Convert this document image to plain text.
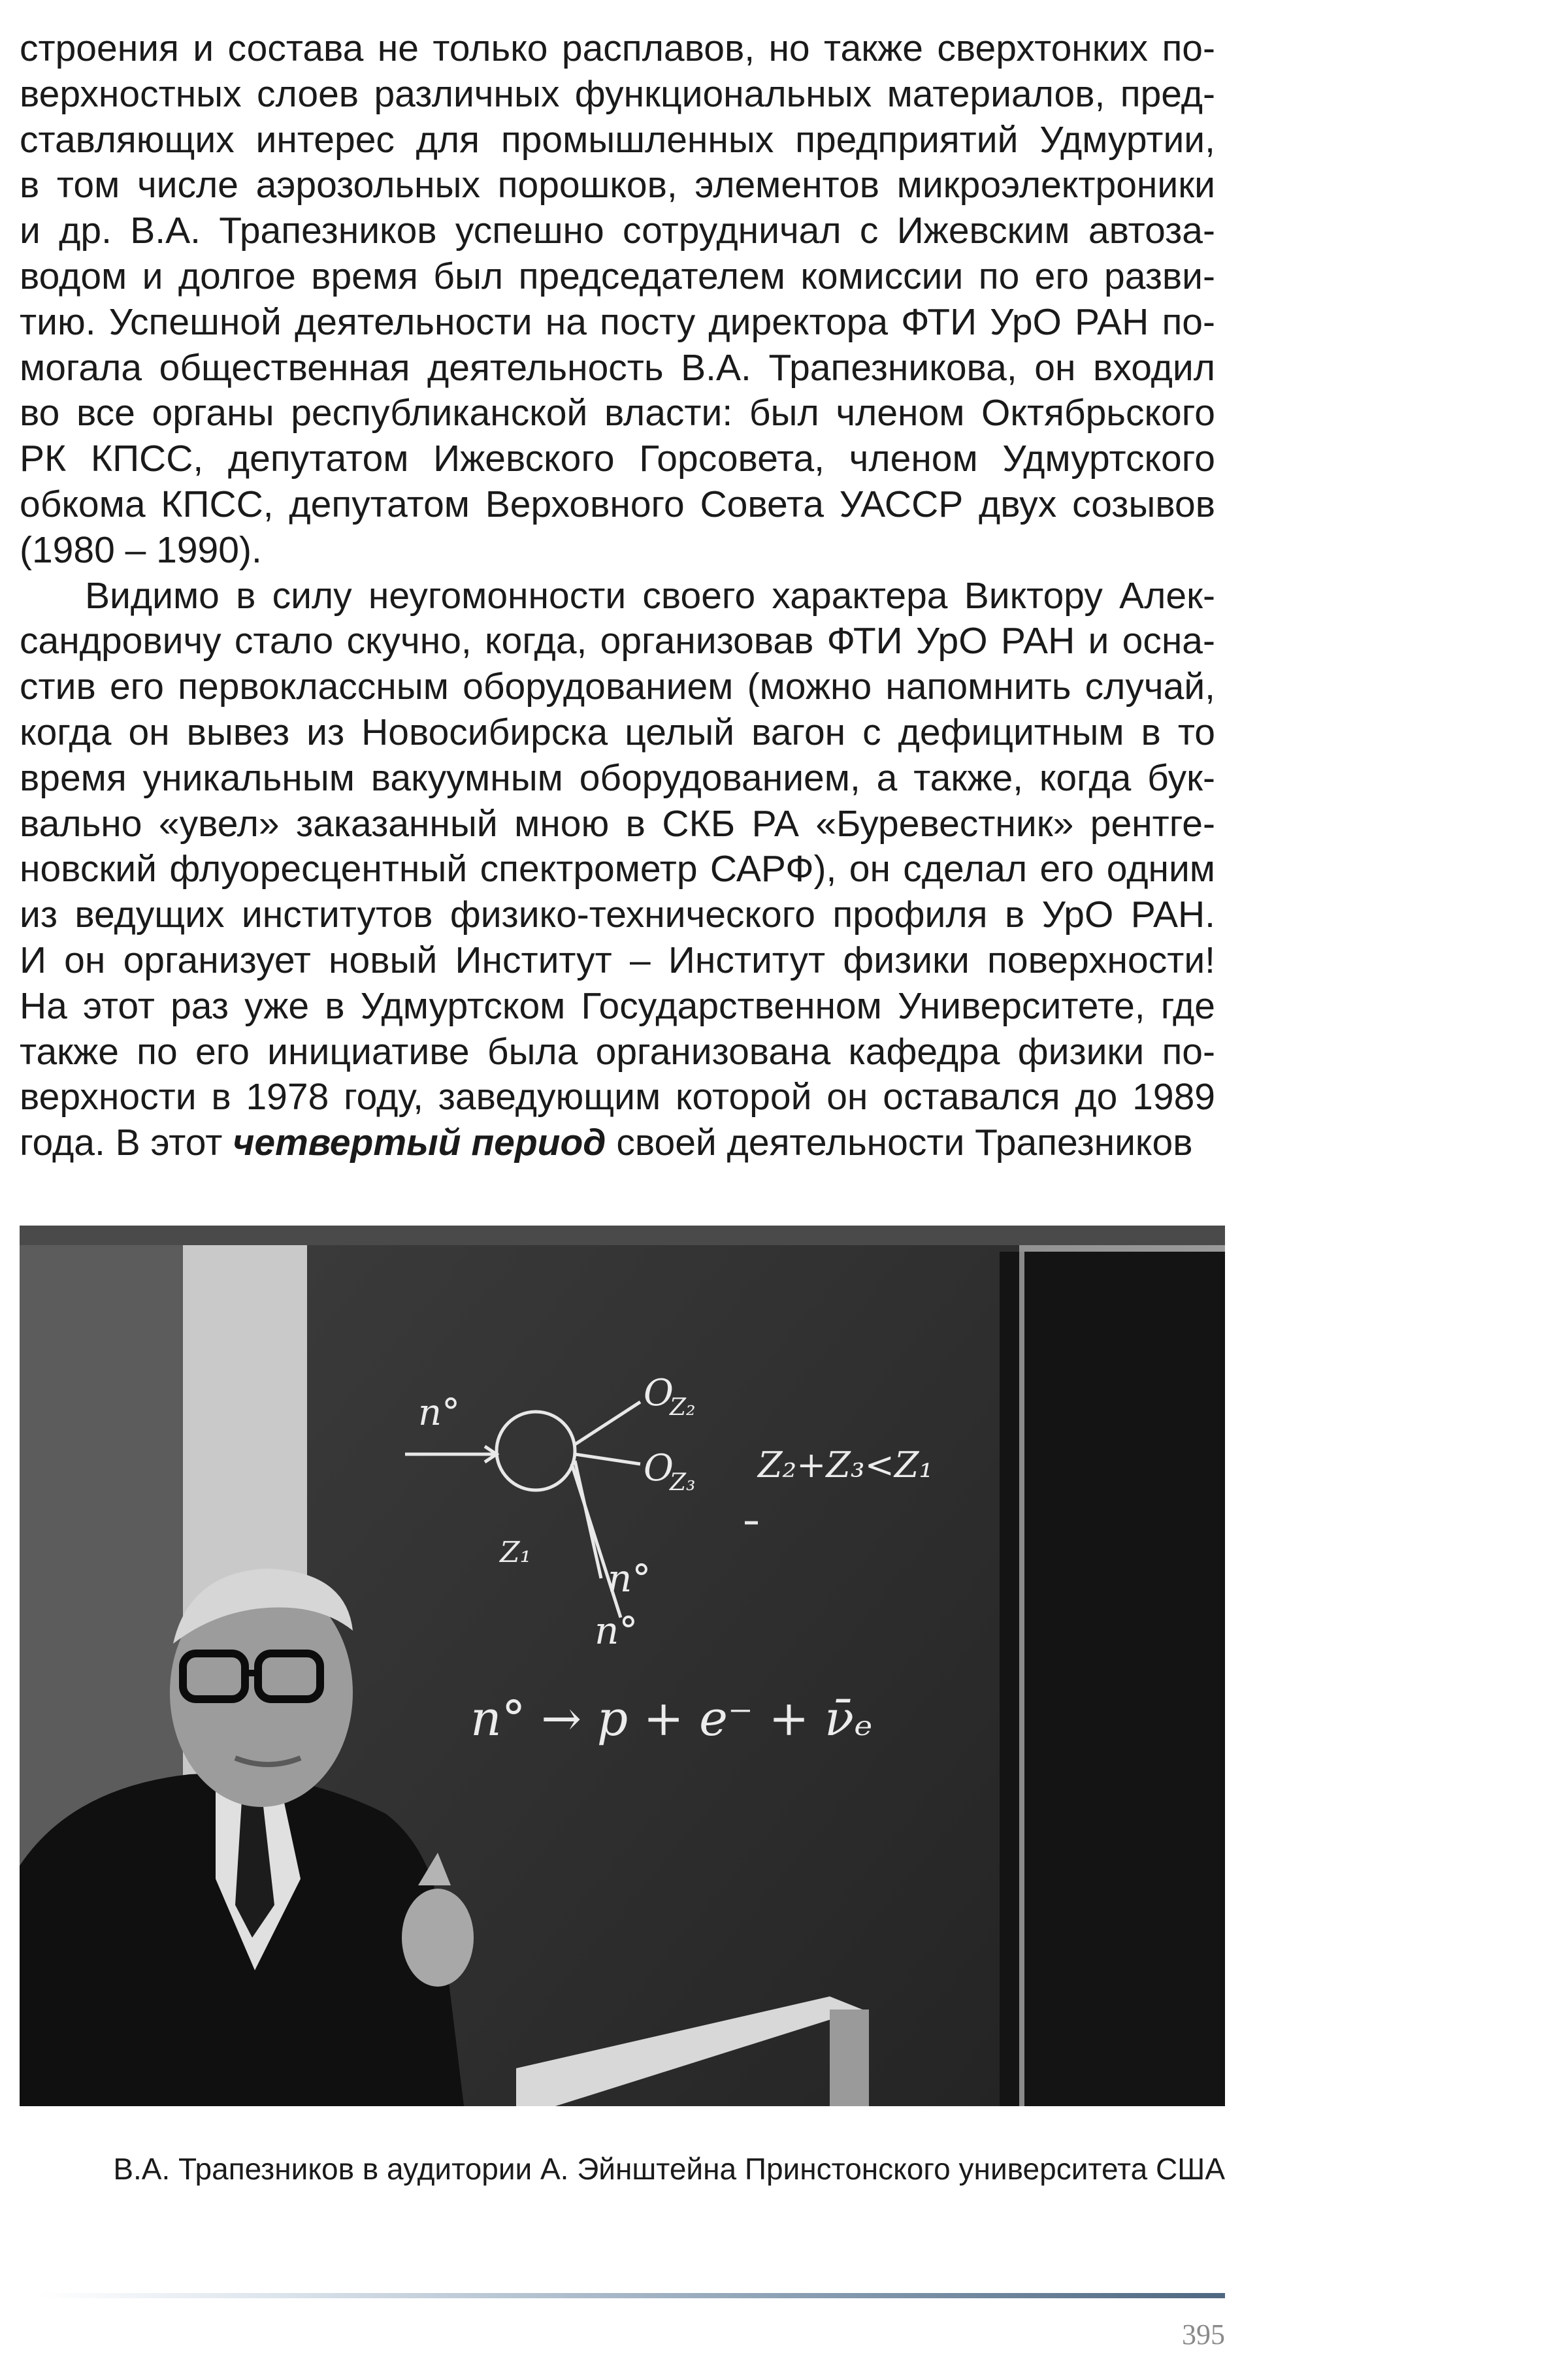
строения и состава не только расплавов, но также сверхтонких по-
верхностных слоев различных функциональных материалов, пред-
ставляющих интерес для промышленных предприятий Удмуртии,
в том числе аэрозольных порошков, элементов микроэлектроники
и др. В.А. Трапезников успешно сотрудничал с Ижевским автоза-
водом и долгое время был председателем комиссии по его разви-
тию. Успешной деятельности на посту директора ФТИ УрО РАН по-
могала общественная деятельность В.А. Трапезникова, он входил
во все органы республиканской власти: был членом Октябрьского
РК КПСС, депутатом Ижевского Горсовета, членом Удмуртского
обкома КПСС, депутатом Верховного Совета УАССР двух созывов
(1980 – 1990).
Видимо в силу неугомонности своего характера Виктору Алек-
сандровичу стало скучно, когда, организовав ФТИ УрО РАН и осна-
стив его первоклассным оборудованием (можно напомнить случай,
когда он вывез из Новосибирска целый вагон с дефицитным в то
время уникальным вакуумным оборудованием, а также, когда бук-
вально «увел» заказанный мною в СКБ РА «Буревестник» рентге-
новский флуоресцентный спектрометр САРФ), он сделал его одним
из ведущих институтов физико-технического профиля в УрО РАН.
И он организует новый Институт – Институт физики поверхности!
На этот раз уже в Удмуртском Государственном Университете, где
также по его инициативе была организована кафедра физики по-
верхности в 1978 году, заведующим которой он оставался до 1989
года. В этот четвертый период своей деятельности Трапезников
n°	O
Z₂
O
Z₃ Z₂+Z₃<Z₁
Z₁
n°
n°
n° → p + e⁻ + ν̄ₑ
В.А. Трапезников в аудитории А. Эйнштейна Принстонского университета США
395
